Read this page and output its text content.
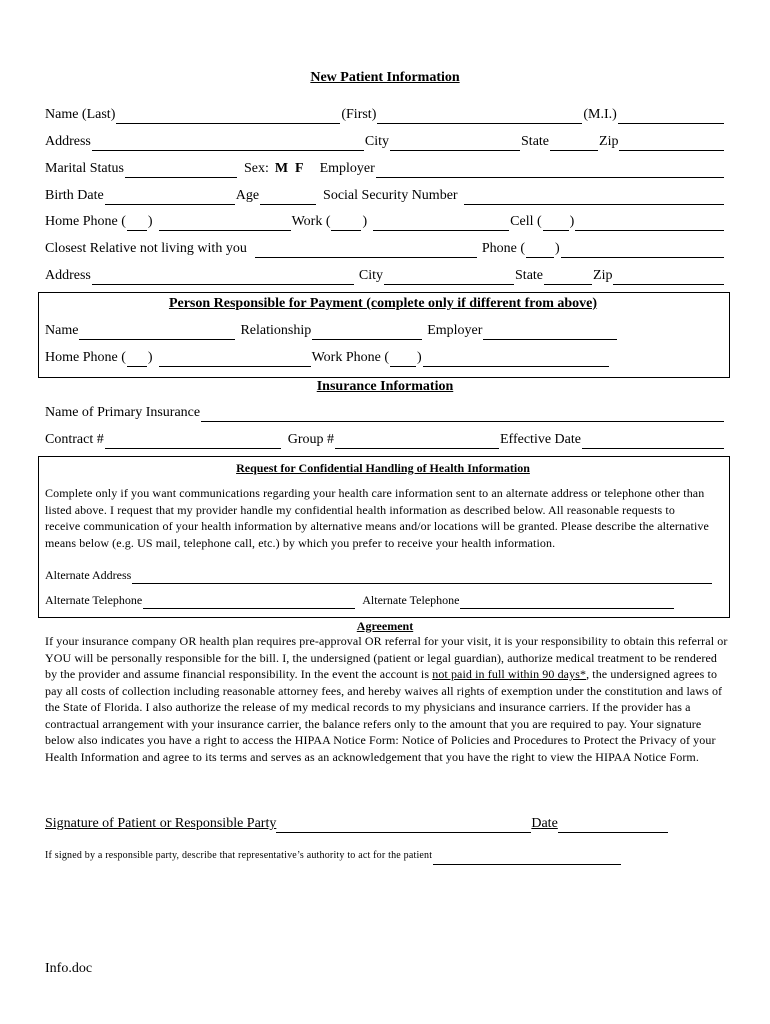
New Patient Information
Name (Last)	(First)	(M.I.)
Address	City	State	Zip
Marital Status	Sex: M  F Employer
Birth Date	Age	Social Security Number
Home Phone ( )	Work ( )	Cell ( )
Closest Relative not living with you	Phone ( )
Address	City	State	Zip
Person Responsible for Payment (complete only if different from above)
Name	Relationship	Employer
Home Phone ( )	Work Phone ( )
Insurance Information
Name of Primary Insurance
Contract #	Group #	Effective Date
Request for Confidential Handling of Health Information
Complete only if you want communications regarding your health care information sent to an alternate address or telephone other than listed above. I request that my provider handle my confidential health information as described below. All reasonable requests to receive communication of your health information by alternative means and/or locations will be granted. Please describe the alternative means below (e.g. US mail, telephone call, etc.) by which you prefer to receive your health information.
Alternate Address
Alternate Telephone	Alternate Telephone
Agreement
If your insurance company OR health plan requires pre-approval OR referral for your visit, it is your responsibility to obtain this referral or YOU will be personally responsible for the bill. I, the undersigned (patient or legal guardian), authorize medical treatment to be rendered by the provider and assume financial responsibility. In the event the account is not paid in full within 90 days*, the undersigned agrees to pay all costs of collection including reasonable attorney fees, and hereby waives all rights of exemption under the constitution and laws of the State of Florida. I also authorize the release of my medical records to my physicians and insurance carriers. If the provider has a contractual arrangement with your insurance carrier, the balance refers only to the amount that you are required to pay. Your signature below also indicates you have a right to access the HIPAA Notice Form: Notice of Policies and Procedures to Protect the Privacy of your Health Information and agree to its terms and serves as an acknowledgement that you have the right to view the HIPAA Notice Form.
Signature of Patient or Responsible Party	Date
If signed by a responsible party, describe that representative’s authority to act for the patient
Info.doc
